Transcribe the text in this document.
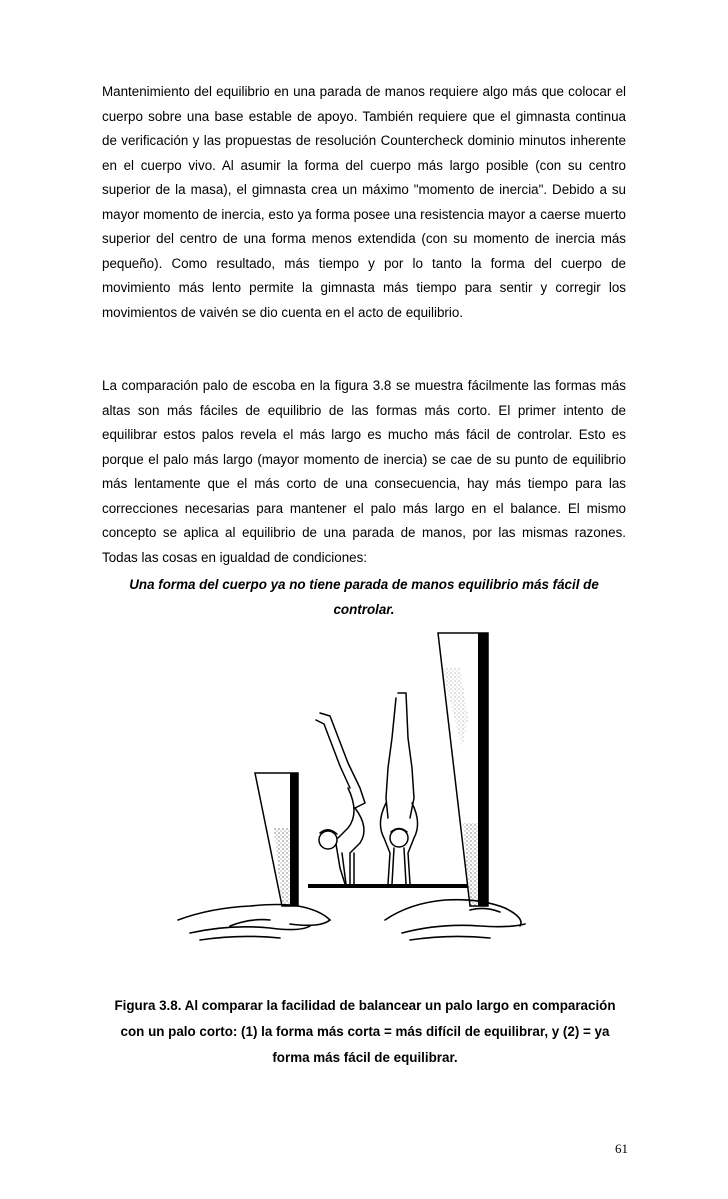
Mantenimiento del equilibrio en una parada de manos requiere algo más que colocar el cuerpo sobre una base estable de apoyo. También requiere que el gimnasta continua de verificación y las propuestas de resolución Countercheck dominio minutos inherente en el cuerpo vivo. Al asumir la forma del cuerpo más largo posible (con su centro superior de la masa), el gimnasta crea un máximo "momento de inercia". Debido a su mayor momento de inercia, esto ya forma posee una resistencia mayor a caerse muerto superior del centro de una forma menos extendida (con su momento de inercia más pequeño). Como resultado, más tiempo y por lo tanto la forma del cuerpo de movimiento más lento permite la gimnasta más tiempo para sentir y corregir los movimientos de vaivén se dio cuenta en el acto de equilibrio.

La comparación palo de escoba en la figura 3.8 se muestra fácilmente las formas más altas son más fáciles de equilibrio de las formas más corto. El primer intento de equilibrar estos palos revela el más largo es mucho más fácil de controlar. Esto es porque el palo más largo (mayor momento de inercia) se cae de su punto de equilibrio más lentamente que el más corto de una consecuencia, hay más tiempo para las correcciones necesarias para mantener el palo más largo en el balance. El mismo concepto se aplica al equilibrio de una parada de manos, por las mismas razones. Todas las cosas en igualdad de condiciones:

Una forma del cuerpo ya no tiene parada de manos equilibrio más fácil de controlar.

Figura 3.8. Al comparar la facilidad de balancear un palo largo en comparación con un palo corto: (1) la forma más corta = más difícil de equilibrar, y (2) = ya forma más fácil de equilibrar.

61
